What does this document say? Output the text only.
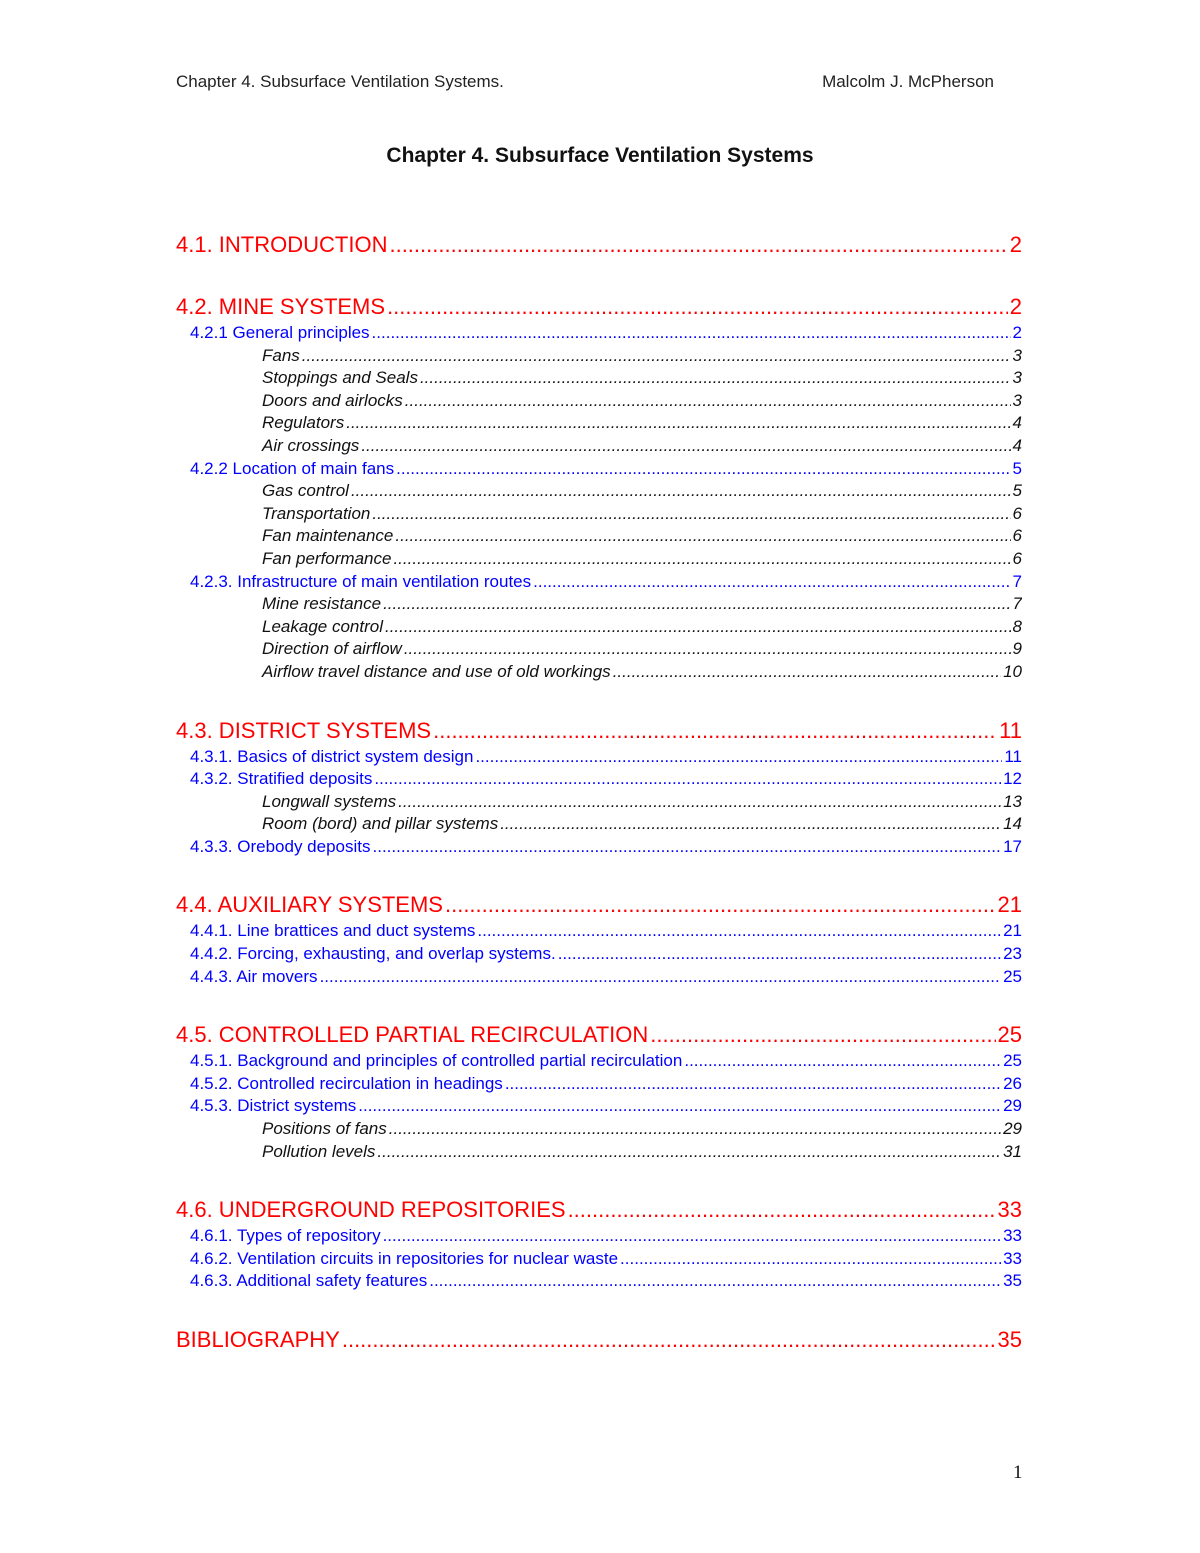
Chapter 4. Subsurface Ventilation Systems.	Malcolm J. McPherson
Chapter 4. Subsurface Ventilation Systems
4.1. INTRODUCTION .....	2
4.2. MINE SYSTEMS .....	2
4.2.1 General principles .....	2
Fans .....	3
Stoppings and Seals .....	3
Doors and airlocks .....	3
Regulators .....	4
Air crossings .....	4
4.2.2 Location of main fans .....	5
Gas control .....	5
Transportation .....	6
Fan maintenance .....	6
Fan performance .....	6
4.2.3. Infrastructure of main ventilation routes .....	7
Mine resistance .....	7
Leakage control .....	8
Direction of airflow .....	9
Airflow travel distance and use of old workings .....	10
4.3. DISTRICT SYSTEMS .....	11
4.3.1. Basics of district system design .....	11
4.3.2. Stratified deposits .....	12
Longwall systems .....	13
Room (bord) and pillar systems .....	14
4.3.3. Orebody deposits .....	17
4.4. AUXILIARY SYSTEMS .....	21
4.4.1. Line brattices and duct systems .....	21
4.4.2. Forcing, exhausting, and overlap systems. .....	23
4.4.3. Air movers .....	25
4.5. CONTROLLED PARTIAL RECIRCULATION .....	25
4.5.1. Background and principles of controlled partial recirculation .....	25
4.5.2. Controlled recirculation in headings .....	26
4.5.3. District systems .....	29
Positions of fans .....	29
Pollution levels .....	31
4.6. UNDERGROUND REPOSITORIES .....	33
4.6.1. Types of repository .....	33
4.6.2. Ventilation circuits in repositories for nuclear waste .....	33
4.6.3. Additional safety features .....	35
BIBLIOGRAPHY .....	35
1
